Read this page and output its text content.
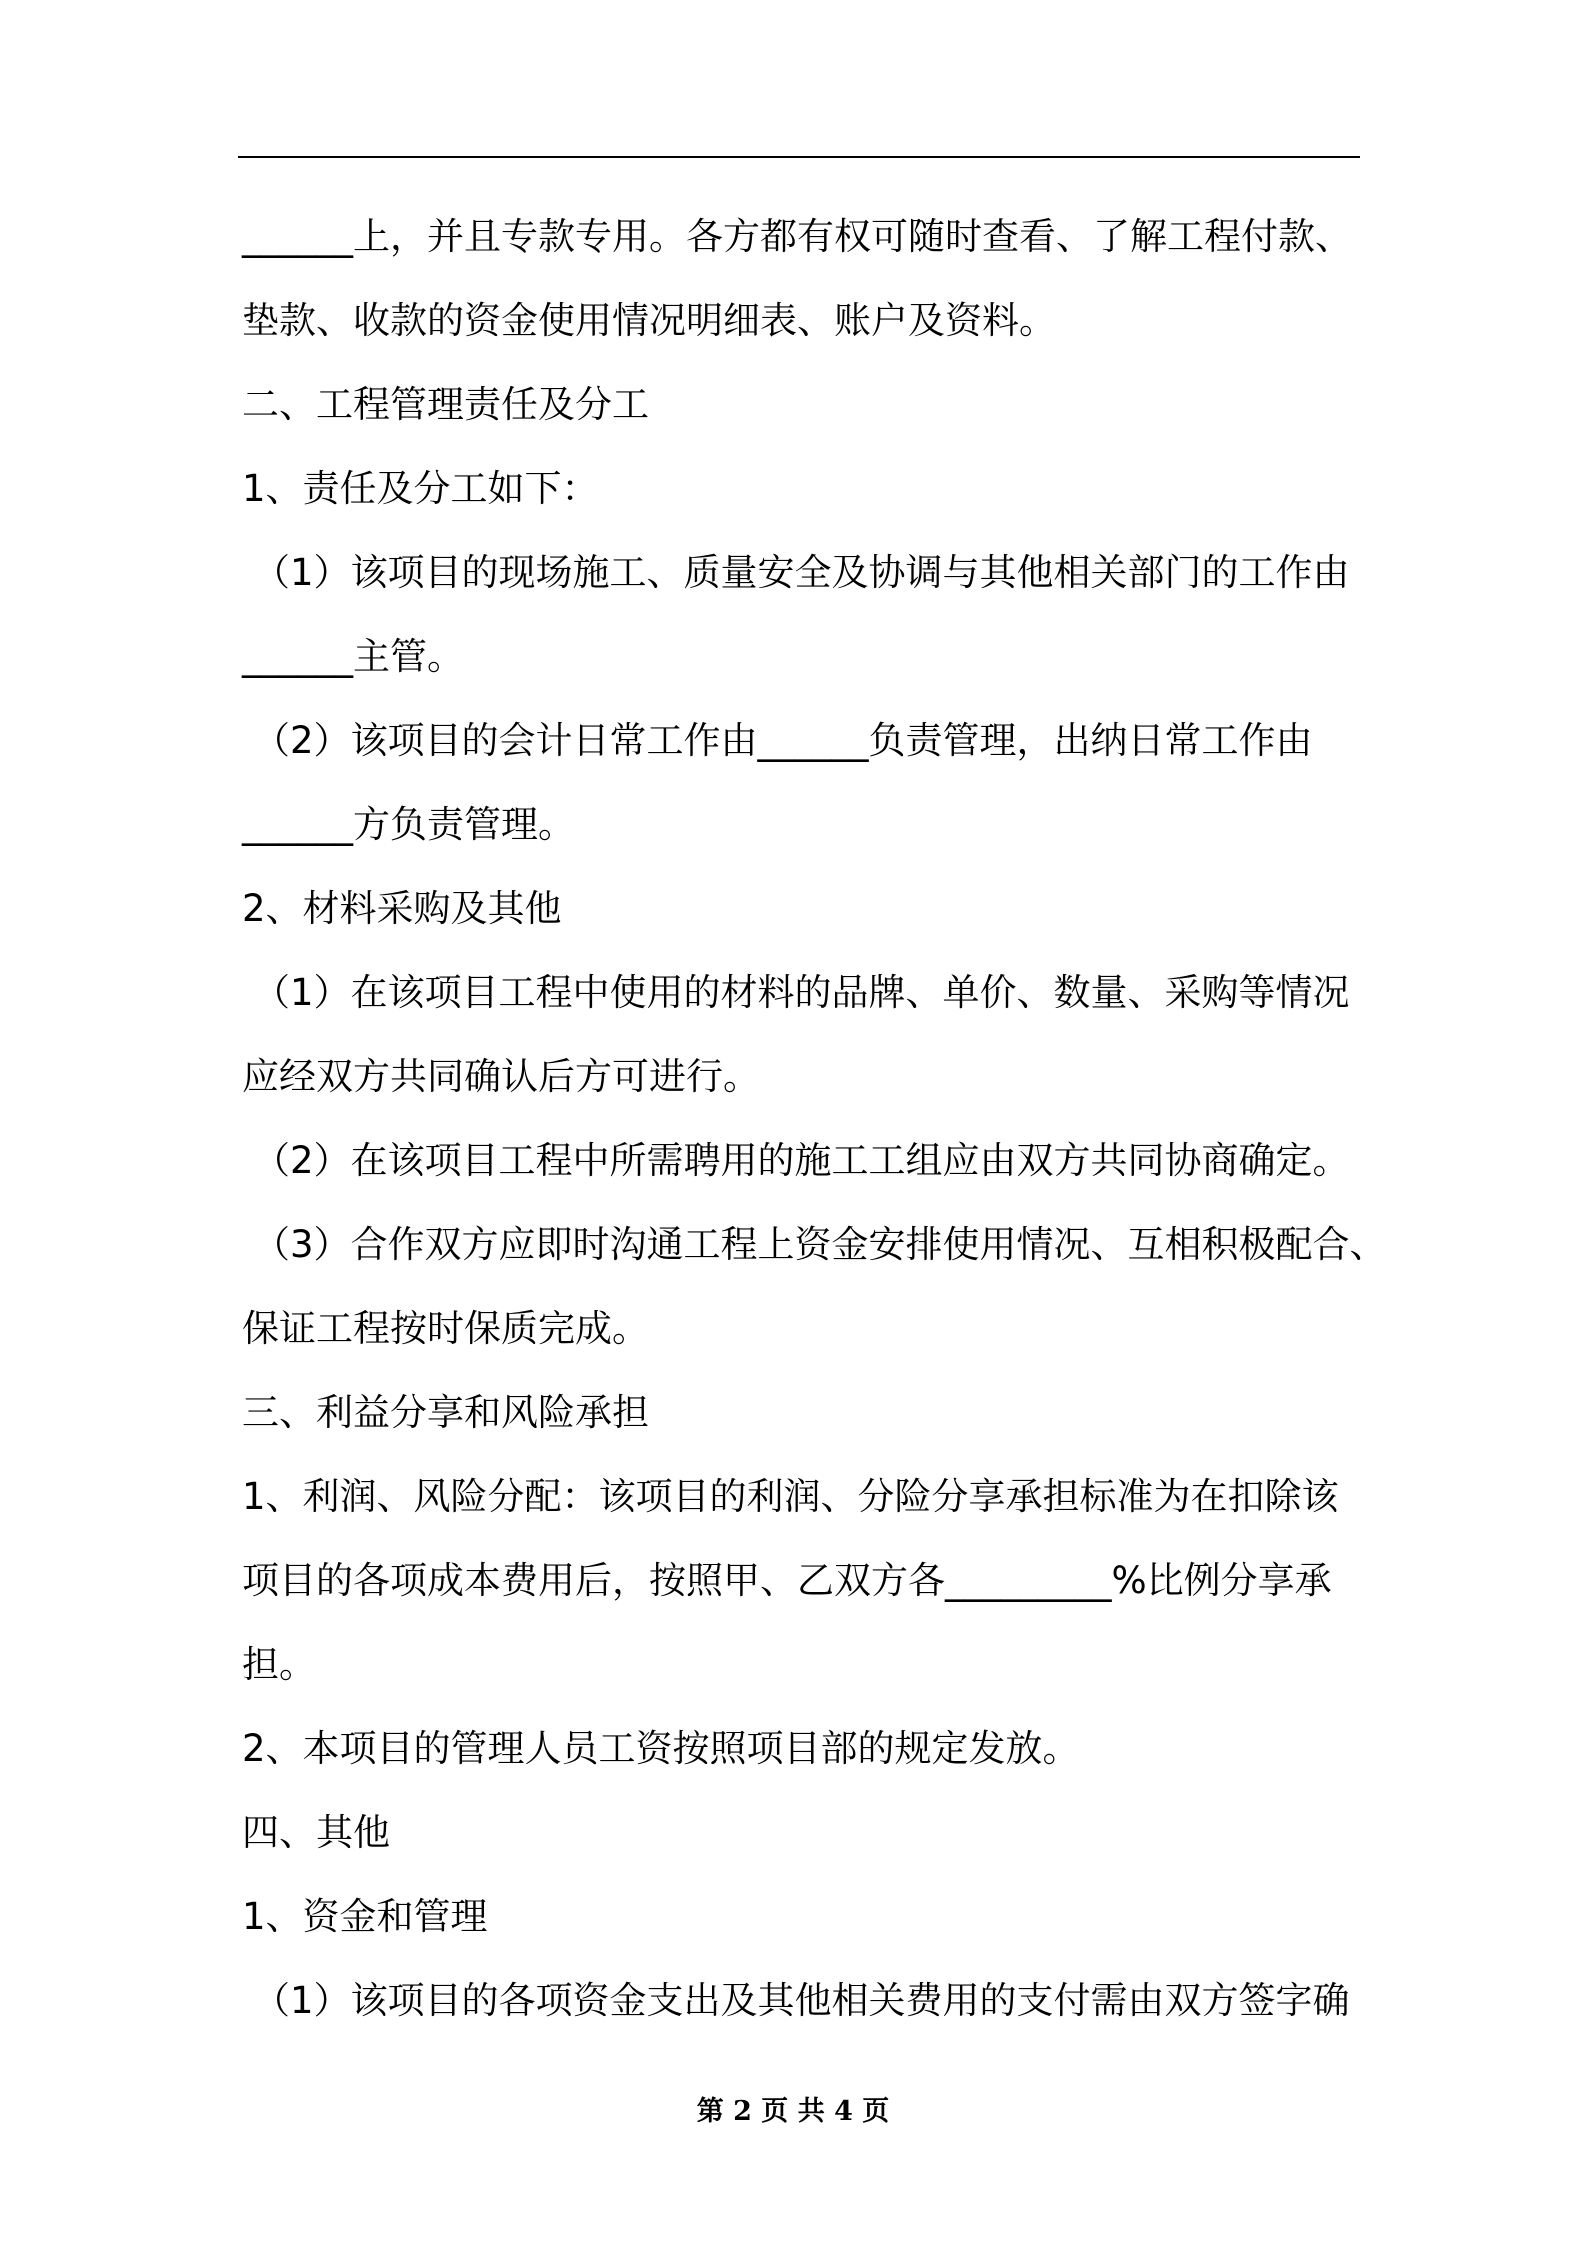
______上，并且专款专用。各方都有权可随时查看、了解工程付款、
垫款、收款的资金使用情况明细表、账户及资料。
二、工程管理责任及分工
1、责任及分工如下：
（1）该项目的现场施工、质量安全及协调与其他相关部门的工作由
______主管。
（2）该项目的会计日常工作由______负责管理，出纳日常工作由
______方负责管理。
2、材料采购及其他
（1）在该项目工程中使用的材料的品牌、单价、数量、采购等情况
应经双方共同确认后方可进行。
（2）在该项目工程中所需聘用的施工工组应由双方共同协商确定。
（3）合作双方应即时沟通工程上资金安排使用情况、互相积极配合、
保证工程按时保质完成。
三、利益分享和风险承担
1、利润、风险分配：该项目的利润、分险分享承担标准为在扣除该
项目的各项成本费用后，按照甲、乙双方各_________%比例分享承
担。
2、本项目的管理人员工资按照项目部的规定发放。
四、其他
1、资金和管理
（1）该项目的各项资金支出及其他相关费用的支付需由双方签字确
第 2 页 共 4 页
